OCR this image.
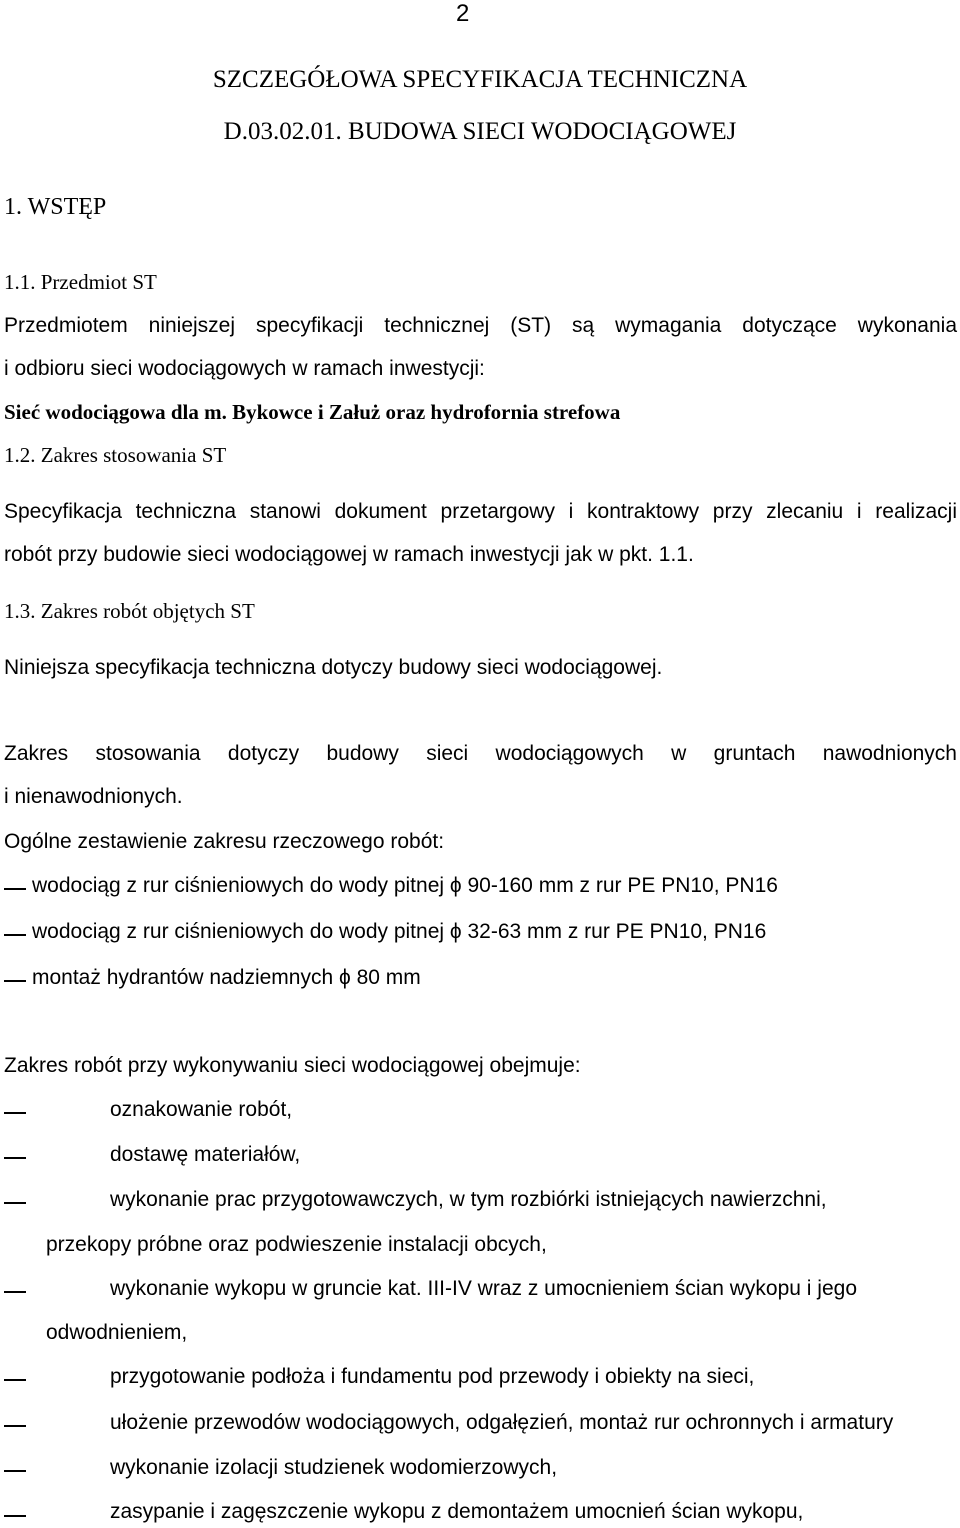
2
SZCZEGÓŁOWA SPECYFIKACJA TECHNICZNA
D.03.02.01. BUDOWA SIECI WODOCIĄGOWEJ
1. WSTĘP
1.1. Przedmiot ST
Przedmiotem niniejszej specyfikacji technicznej (ST) są wymagania dotyczące wykonania
i odbioru sieci wodociągowych w ramach inwestycji:
Sieć wodociągowa dla m. Bykowce i Załuż oraz hydrofornia strefowa
1.2. Zakres stosowania ST
Specyfikacja techniczna stanowi dokument przetargowy i kontraktowy przy zlecaniu i realizacji
robót przy budowie sieci wodociągowej w ramach inwestycji jak w pkt. 1.1.
1.3. Zakres robót objętych ST
Niniejsza specyfikacja techniczna dotyczy budowy sieci wodociągowej.
Zakres stosowania dotyczy budowy sieci wodociągowych w gruntach nawodnionych
i nienawodnionych.
Ogólne zestawienie zakresu rzeczowego robót:
wodociąg z rur ciśnieniowych do wody pitnej ϕ 90-160 mm z rur PE PN10, PN16
wodociąg z rur ciśnieniowych do wody pitnej ϕ 32-63 mm z rur PE PN10, PN16
montaż hydrantów nadziemnych ϕ 80 mm
Zakres robót przy wykonywaniu sieci wodociągowej obejmuje:
oznakowanie robót,
dostawę materiałów,
wykonanie prac przygotowawczych, w tym rozbiórki istniejących nawierzchni,
przekopy próbne oraz podwieszenie instalacji obcych,
wykonanie wykopu w gruncie kat. III-IV wraz z umocnieniem ścian wykopu i jego
odwodnieniem,
przygotowanie podłoża i fundamentu pod przewody i obiekty na sieci,
ułożenie przewodów wodociągowych, odgałęzień, montaż rur ochronnych i armatury
wykonanie izolacji studzienek wodomierzowych,
zasypanie i zagęszczenie wykopu z demontażem umocnień ścian wykopu,
